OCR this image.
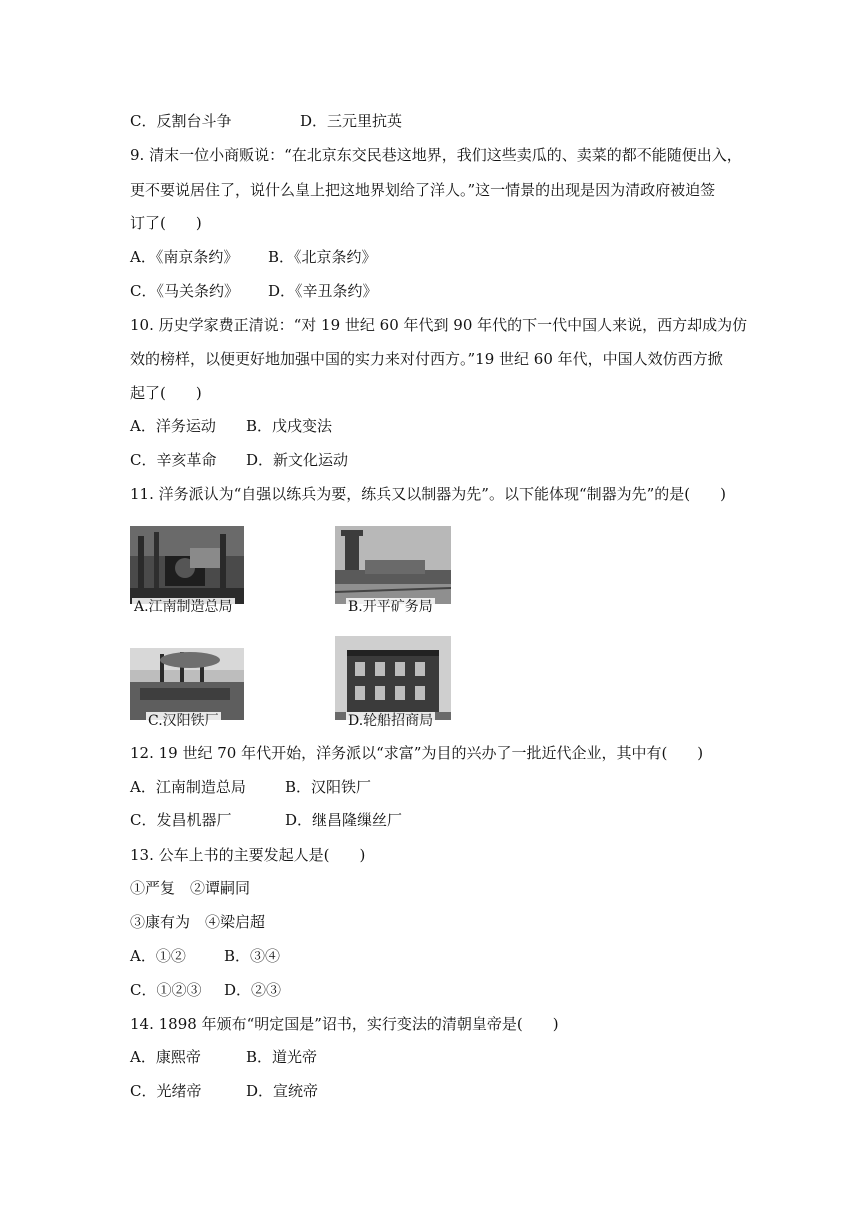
C．反割台斗争	D．三元里抗英
9. 清末一位小商贩说：“在北京东交民巷这地界，我们这些卖瓜的、卖菜的都不能随便出入，
更不要说居住了，说什么皇上把这地界划给了洋人。”这一情景的出现是因为清政府被迫签
订了(　　)
A．《南京条约》 B．《北京条约》
C．《马关条约》 D．《辛丑条约》
10. 历史学家费正清说：“对 19 世纪 60 年代到 90 年代的下一代中国人来说，西方却成为仿
效的榜样，以便更好地加强中国的实力来对付西方。”19 世纪 60 年代，中国人效仿西方掀
起了(　　)
A．洋务运动 B．戊戌变法
C．辛亥革命 D．新文化运动
11. 洋务派认为“自强以练兵为要，练兵又以制器为先”。以下能体现“制器为先”的是(　　)
A.江南制造总局	B.开平矿务局
C.汉阳铁厂	D.轮船招商局
12. 19 世纪 70 年代开始，洋务派以“求富”为目的兴办了一批近代企业，其中有(　　)
A．江南制造总局	B．汉阳铁厂
C．发昌机器厂	D．继昌隆缫丝厂
13. 公车上书的主要发起人是(　　)
①严复　②谭嗣同
③康有为　④梁启超
A．①②	B．③④
C．①②③ D．②③
14. 1898 年颁布“明定国是”诏书，实行变法的清朝皇帝是(　　)
A．康熙帝	B．道光帝
C．光绪帝	D．宣统帝
